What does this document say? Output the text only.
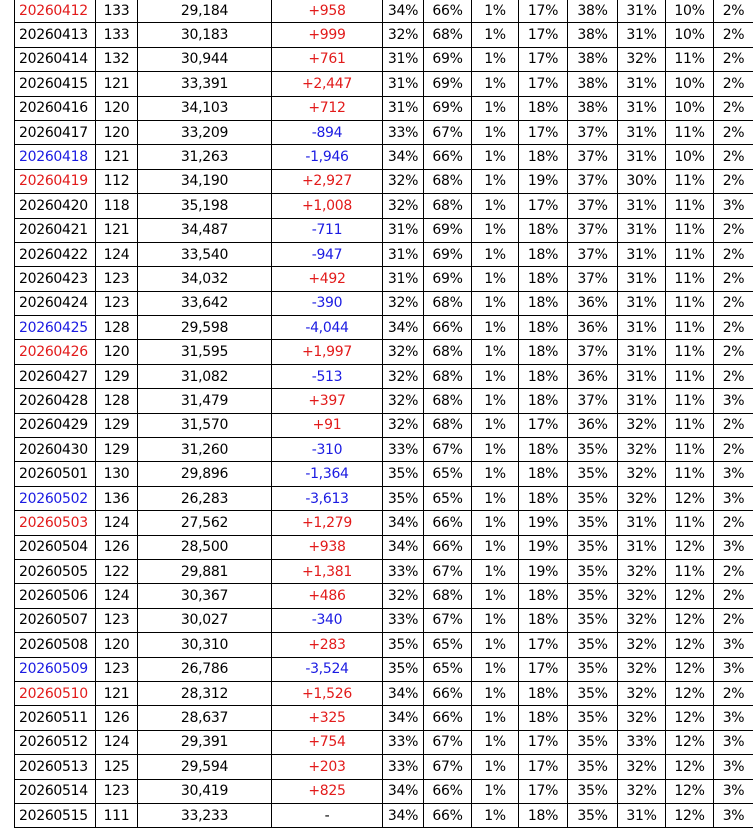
20260412	133	29,184	+958	34%	66%	1%	17%	38%	31%	10%	2%
20260413	133	30,183	+999	32%	68%	1%	17%	38%	31%	10%	2%
20260414	132	30,944	+761	31%	69%	1%	17%	38%	32%	11%	2%
20260415	121	33,391	+2,447	31%	69%	1%	17%	38%	31%	10%	2%
20260416	120	34,103	+712	31%	69%	1%	18%	38%	31%	10%	2%
20260417	120	33,209	-894	33%	67%	1%	17%	37%	31%	11%	2%
20260418	121	31,263	-1,946	34%	66%	1%	18%	37%	31%	10%	2%
20260419	112	34,190	+2,927	32%	68%	1%	19%	37%	30%	11%	2%
20260420	118	35,198	+1,008	32%	68%	1%	17%	37%	31%	11%	3%
20260421	121	34,487	-711	31%	69%	1%	18%	37%	31%	11%	2%
20260422	124	33,540	-947	31%	69%	1%	18%	37%	31%	11%	2%
20260423	123	34,032	+492	31%	69%	1%	18%	37%	31%	11%	2%
20260424	123	33,642	-390	32%	68%	1%	18%	36%	31%	11%	2%
20260425	128	29,598	-4,044	34%	66%	1%	18%	36%	31%	11%	2%
20260426	120	31,595	+1,997	32%	68%	1%	18%	37%	31%	11%	2%
20260427	129	31,082	-513	32%	68%	1%	18%	36%	31%	11%	2%
20260428	128	31,479	+397	32%	68%	1%	18%	37%	31%	11%	3%
20260429	129	31,570	+91	32%	68%	1%	17%	36%	32%	11%	2%
20260430	129	31,260	-310	33%	67%	1%	18%	35%	32%	11%	2%
20260501	130	29,896	-1,364	35%	65%	1%	18%	35%	32%	11%	3%
20260502	136	26,283	-3,613	35%	65%	1%	18%	35%	32%	12%	3%
20260503	124	27,562	+1,279	34%	66%	1%	19%	35%	31%	11%	2%
20260504	126	28,500	+938	34%	66%	1%	19%	35%	31%	12%	3%
20260505	122	29,881	+1,381	33%	67%	1%	19%	35%	32%	11%	2%
20260506	124	30,367	+486	32%	68%	1%	18%	35%	32%	12%	2%
20260507	123	30,027	-340	33%	67%	1%	18%	35%	32%	12%	2%
20260508	120	30,310	+283	35%	65%	1%	17%	35%	32%	12%	3%
20260509	123	26,786	-3,524	35%	65%	1%	17%	35%	32%	12%	3%
20260510	121	28,312	+1,526	34%	66%	1%	18%	35%	32%	12%	2%
20260511	126	28,637	+325	34%	66%	1%	18%	35%	32%	12%	3%
20260512	124	29,391	+754	33%	67%	1%	17%	35%	33%	12%	3%
20260513	125	29,594	+203	33%	67%	1%	17%	35%	32%	12%	3%
20260514	123	30,419	+825	34%	66%	1%	17%	35%	32%	12%	3%
20260515	111	33,233	-	34%	66%	1%	18%	35%	31%	12%	3%
